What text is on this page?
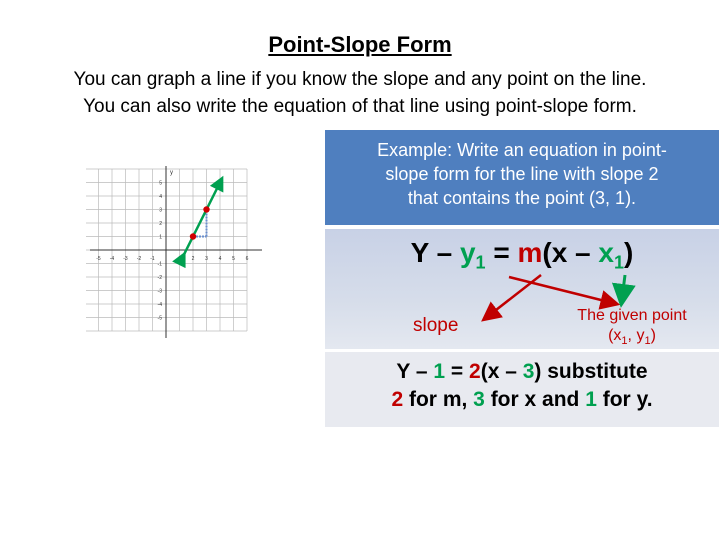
Point-Slope Form
You can graph a line if you know the slope and any point on the line.
You can also write the equation of that line using point-slope form.
-5 -4 -3 -2 -1	1 2 3 4 5 6
5
4
3
2
1
-1
-2
-3
-4
-5
y
Example: Write an equation in point-
slope form for the line with slope 2
that contains the point (3, 1).
$Y - y_1 = m(x - x_1)$
slope	The given point
($x_1$, $y_1$)
Y – 1 = 2(x – 3) substitute
2 for m, 3 for x and 1 for y.
